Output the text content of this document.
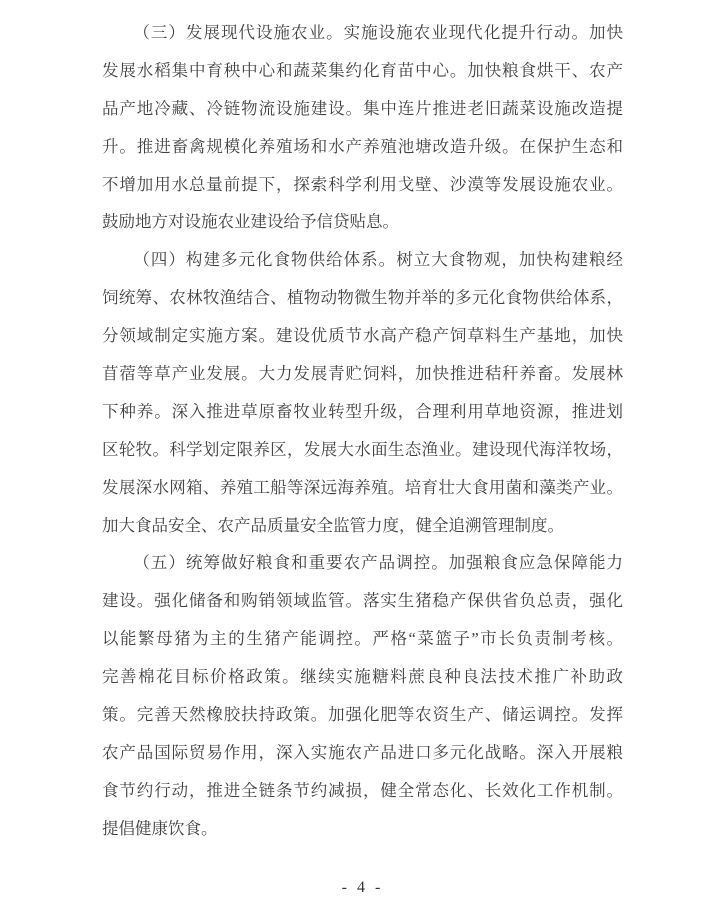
（三）发展现代设施农业。实施设施农业现代化提升行动。加快
发展水稻集中育秧中心和蔬菜集约化育苗中心。加快粮食烘干、农产
品产地冷藏、冷链物流设施建设。集中连片推进老旧蔬菜设施改造提
升。推进畜禽规模化养殖场和水产养殖池塘改造升级。在保护生态和
不增加用水总量前提下，探索科学利用戈壁、沙漠等发展设施农业。
鼓励地方对设施农业建设给予信贷贴息。
（四）构建多元化食物供给体系。树立大食物观，加快构建粮经
饲统筹、农林牧渔结合、植物动物微生物并举的多元化食物供给体系，
分领域制定实施方案。建设优质节水高产稳产饲草料生产基地，加快
苜蓿等草产业发展。大力发展青贮饲料，加快推进秸秆养畜。发展林
下种养。深入推进草原畜牧业转型升级，合理利用草地资源，推进划
区轮牧。科学划定限养区，发展大水面生态渔业。建设现代海洋牧场，
发展深水网箱、养殖工船等深远海养殖。培育壮大食用菌和藻类产业。
加大食品安全、农产品质量安全监管力度，健全追溯管理制度。
（五）统筹做好粮食和重要农产品调控。加强粮食应急保障能力
建设。强化储备和购销领域监管。落实生猪稳产保供省负总责，强化
以能繁母猪为主的生猪产能调控。严格“菜篮子”市长负责制考核。
完善棉花目标价格政策。继续实施糖料蔗良种良法技术推广补助政
策。完善天然橡胶扶持政策。加强化肥等农资生产、储运调控。发挥
农产品国际贸易作用，深入实施农产品进口多元化战略。深入开展粮
食节约行动，推进全链条节约减损，健全常态化、长效化工作机制。
提倡健康饮食。
- 4 -
